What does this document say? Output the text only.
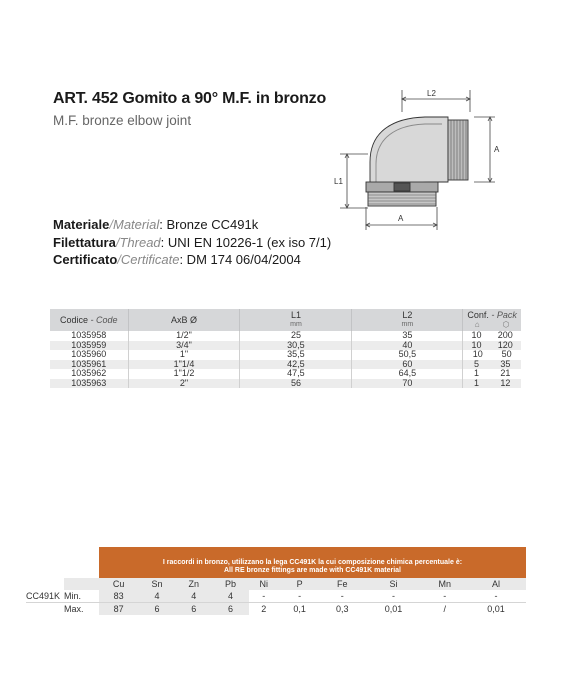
ART. 452 Gomito a 90° M.F. in bronzo
M.F. bronze elbow joint
L2
A
L1
A
Materiale/Material: Bronze CC491k
Filettatura/Thread: UNI EN 10226-1 (ex iso 7/1)
Certificato/Certificate: DM 174 06/04/2004
Codice - Code	AxB Ø	L1
mm	L2
mm	Conf. - Pack
⌂ ⬡

1035958	1/2"	25	35	10 200

1035959	3/4"	30,5	40	10 120

1035960	1"	35,5	50,5	10 50

1035961	1"1/4	42,5	60	5 35

1035962	1"1/2	47,5	64,5	1 21

1035963	2"	56	70	1 12
I raccordi in bronzo, utilizzano la lega CC491K la cui composizione chimica percentuale è:
All RE bronze fittings are made with CC491K material
		Cu	Sn	Zn	Pb	Ni	P	Fe	Si	Mn	Al
CC491K	Min.	83	4	4	4	-	-	-	-	-	-
	Max.	87	6	6	6	2	0,1	0,3	0,01	/	0,01
